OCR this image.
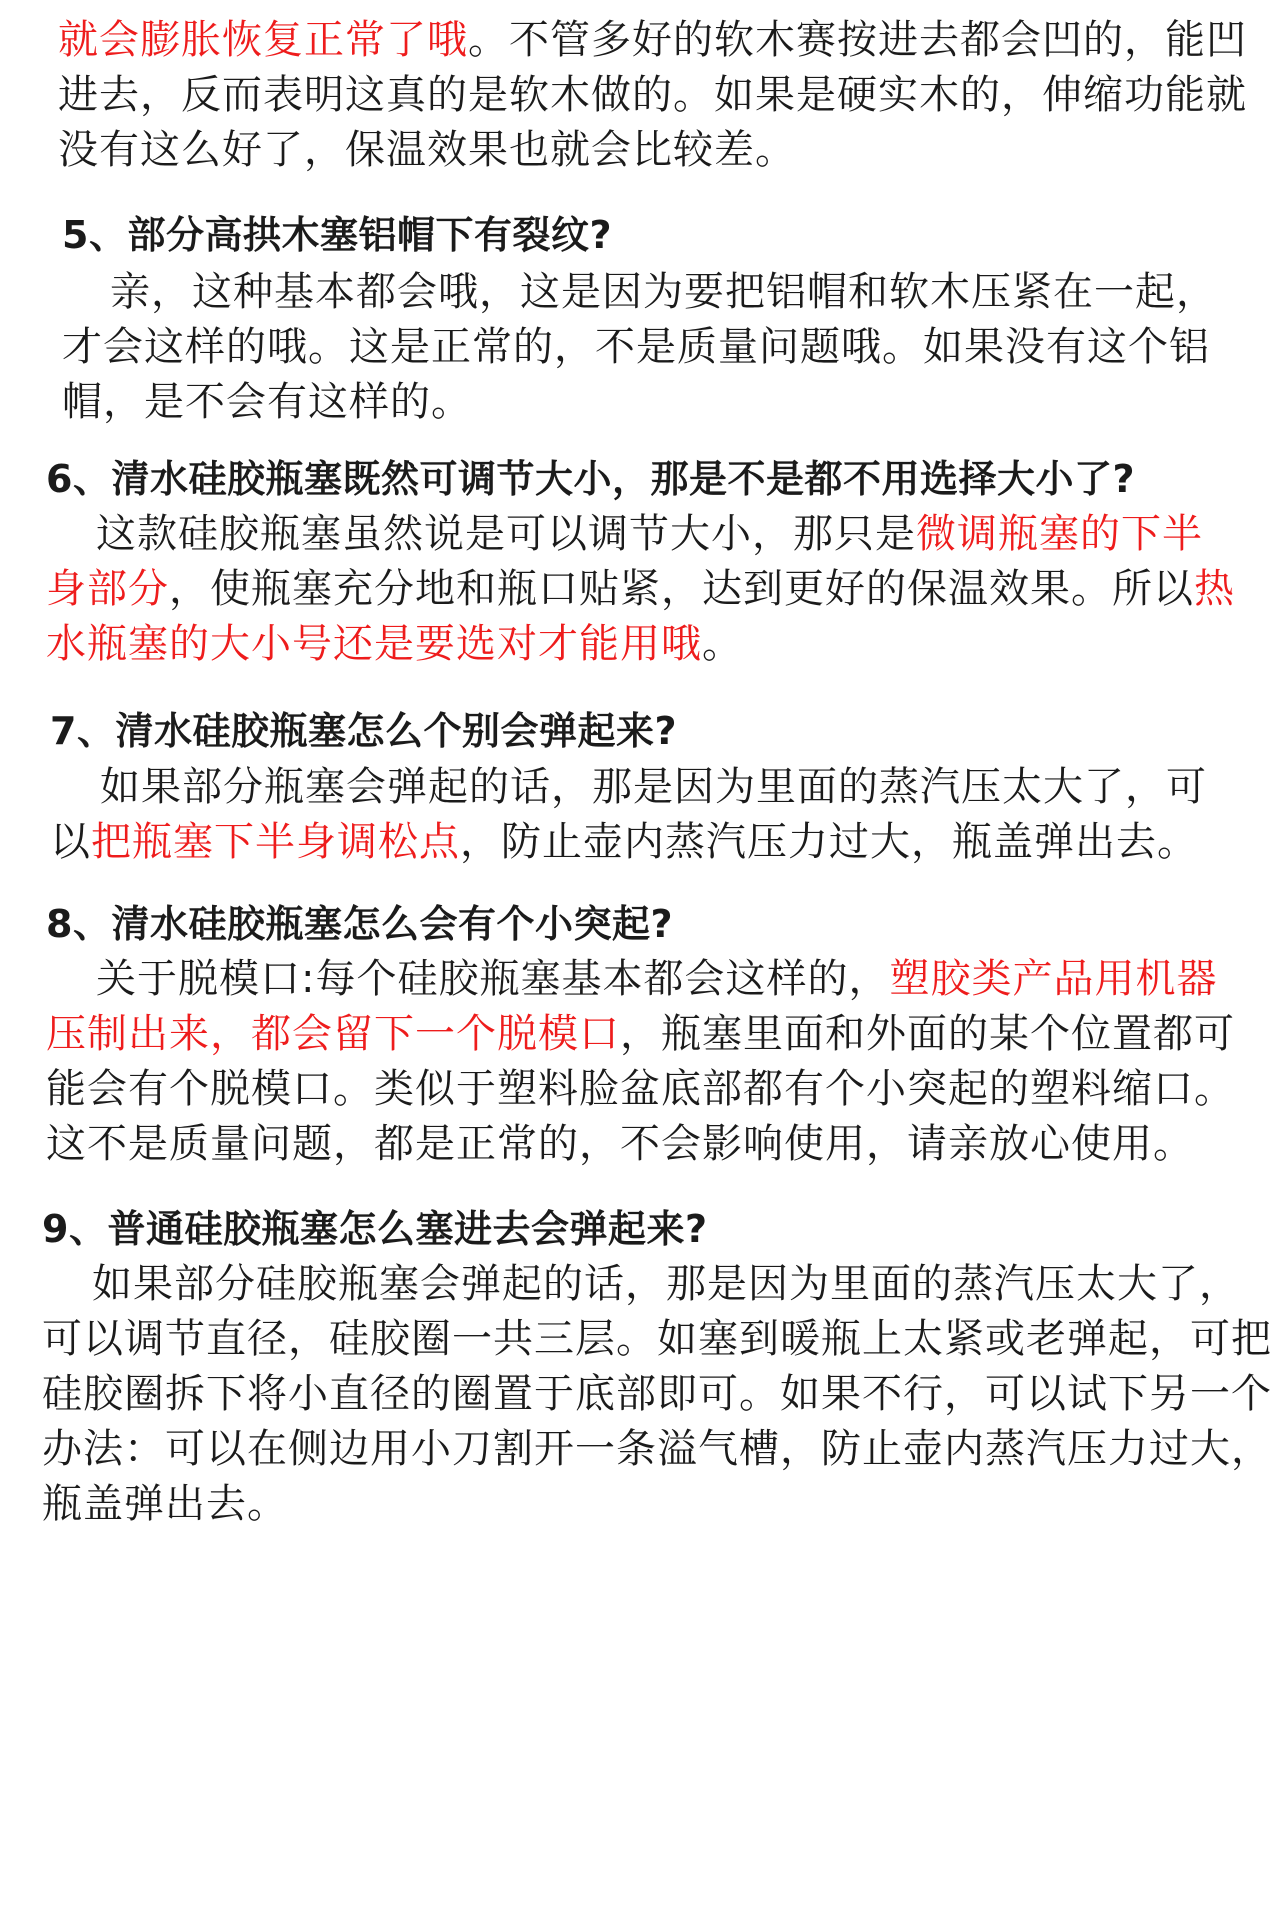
就会膨胀恢复正常了哦。不管多好的软木赛按进去都会凹的，能凹
进去，反而表明这真的是软木做的。如果是硬实木的，伸缩功能就
没有这么好了，保温效果也就会比较差。
5、部分高拱木塞铝帽下有裂纹?
亲，这种基本都会哦，这是因为要把铝帽和软木压紧在一起，
才会这样的哦。这是正常的，不是质量问题哦。如果没有这个铝
帽，是不会有这样的。
6、清水硅胶瓶塞既然可调节大小，那是不是都不用选择大小了?
这款硅胶瓶塞虽然说是可以调节大小，那只是微调瓶塞的下半
身部分，使瓶塞充分地和瓶口贴紧，达到更好的保温效果。所以热
水瓶塞的大小号还是要选对才能用哦。
7、清水硅胶瓶塞怎么个别会弹起来?
如果部分瓶塞会弹起的话，那是因为里面的蒸汽压太大了，可
以把瓶塞下半身调松点，防止壶内蒸汽压力过大，瓶盖弹出去。
8、清水硅胶瓶塞怎么会有个小突起?
关于脱模口:每个硅胶瓶塞基本都会这样的，塑胶类产品用机器
压制出来，都会留下一个脱模口，瓶塞里面和外面的某个位置都可
能会有个脱模口。类似于塑料脸盆底部都有个小突起的塑料缩口。
这不是质量问题，都是正常的，不会影响使用，请亲放心使用。
9、普通硅胶瓶塞怎么塞进去会弹起来?
如果部分硅胶瓶塞会弹起的话，那是因为里面的蒸汽压太大了，
可以调节直径，硅胶圈一共三层。如塞到暖瓶上太紧或老弹起，可把
硅胶圈拆下将小直径的圈置于底部即可。如果不行，可以试下另一个
办法：可以在侧边用小刀割开一条溢气槽，防止壶内蒸汽压力过大，
瓶盖弹出去。
